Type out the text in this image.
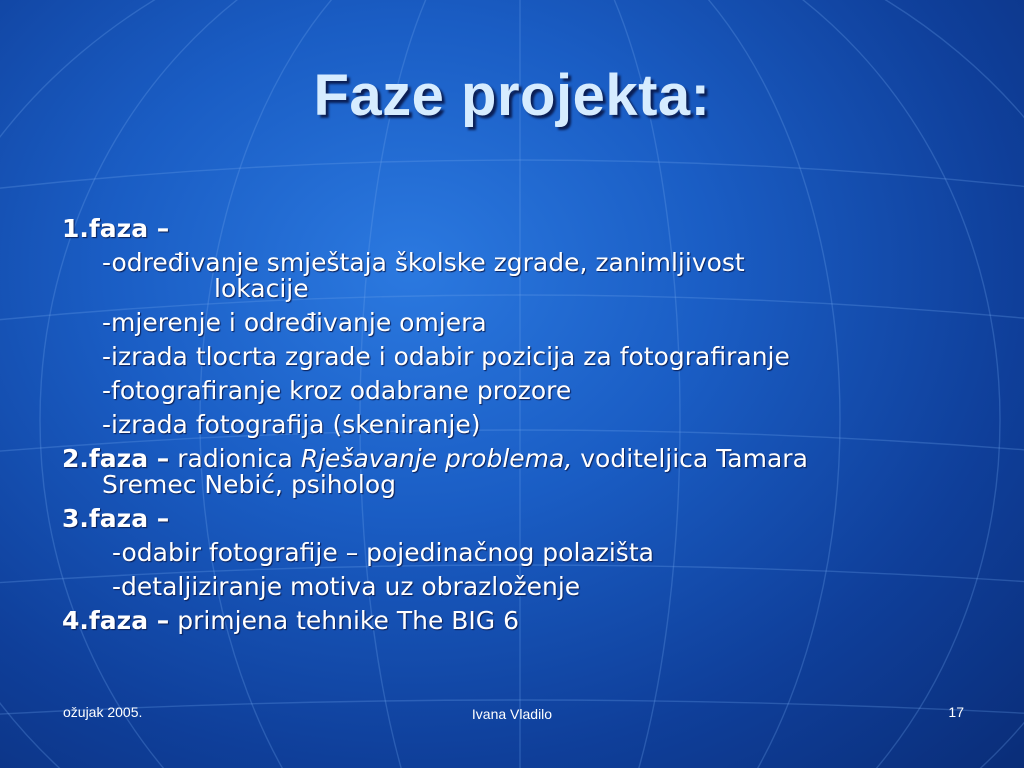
Faze projekta:
1.faza –
-određivanje smještaja školske zgrade, zanimljivost
lokacije
-mjerenje i određivanje omjera
-izrada tlocrta zgrade i odabir pozicija za fotografiranje
-fotografiranje kroz odabrane prozore
-izrada fotografija (skeniranje)
2.faza – radionica Rješavanje problema, voditeljica Tamara
Sremec Nebić, psiholog
3.faza –
-odabir fotografije – pojedinačnog polazišta
-detaljiziranje motiva uz obrazloženje
4.faza – primjena tehnike The BIG 6
ožujak 2005.	Ivana Vladilo	17
